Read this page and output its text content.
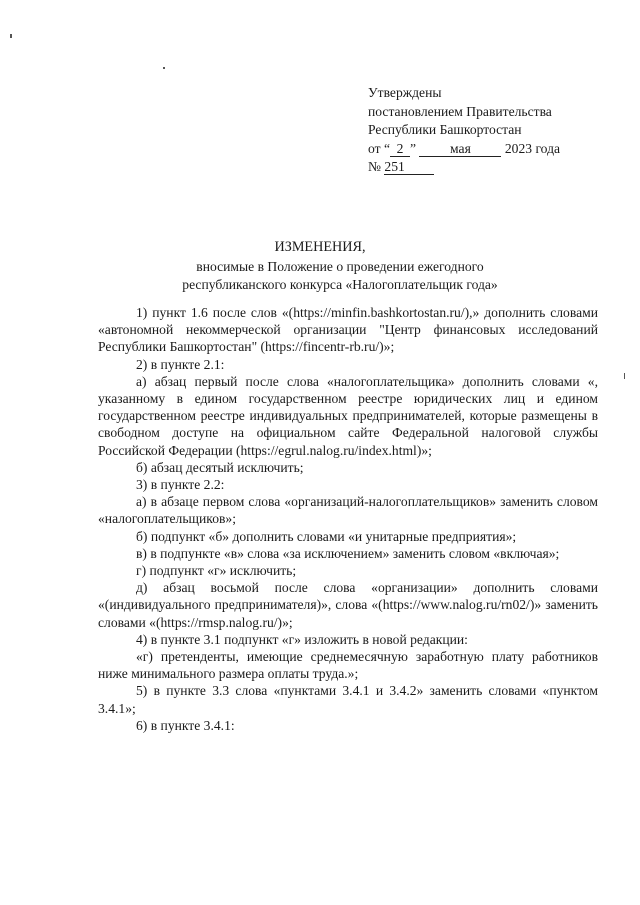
Утверждены
постановлением Правительства
Республики Башкортостан
от “ 2 ”	мая	2023 года
№ 251
ИЗМЕНЕНИЯ,
вносимые в Положение о проведении ежегодного
республиканского конкурса «Налогоплательщик года»

1) пункт 1.6 после слов «(https://minfin.bashkortostan.ru/),» дополнить словами «автономной некоммерческой организации "Центр финансовых исследований Республики Башкортостан" (https://fincentr-rb.ru/)»;

2) в пункте 2.1:

а) абзац первый после слова «налогоплательщика» дополнить словами «, указанному в едином государственном реестре юридических лиц и едином государственном реестре индивидуальных предпринимателей, которые размещены в свободном доступе на официальном сайте Федеральной налоговой службы Российской Федерации (https://egrul.nalog.ru/index.html)»;

б) абзац десятый исключить;

3) в пункте 2.2:

а) в абзаце первом слова «организаций-налогоплательщиков» заменить словом «налогоплательщиков»;

б) подпункт «б» дополнить словами «и унитарные предприятия»;

в) в подпункте «в» слова «за исключением» заменить словом «включая»;

г) подпункт «г» исключить;

д) абзац восьмой после слова «организации» дополнить словами «(индивидуального предпринимателя)», слова «(https://www.nalog.ru/rn02/)» заменить словами «(https://rmsp.nalog.ru/)»;

4) в пункте 3.1 подпункт «г» изложить в новой редакции:

«г) претенденты, имеющие среднемесячную заработную плату работников ниже минимального размера оплаты труда.»;

5) в пункте 3.3 слова «пунктами 3.4.1 и 3.4.2» заменить словами «пунктом 3.4.1»;

6) в пункте 3.4.1:
